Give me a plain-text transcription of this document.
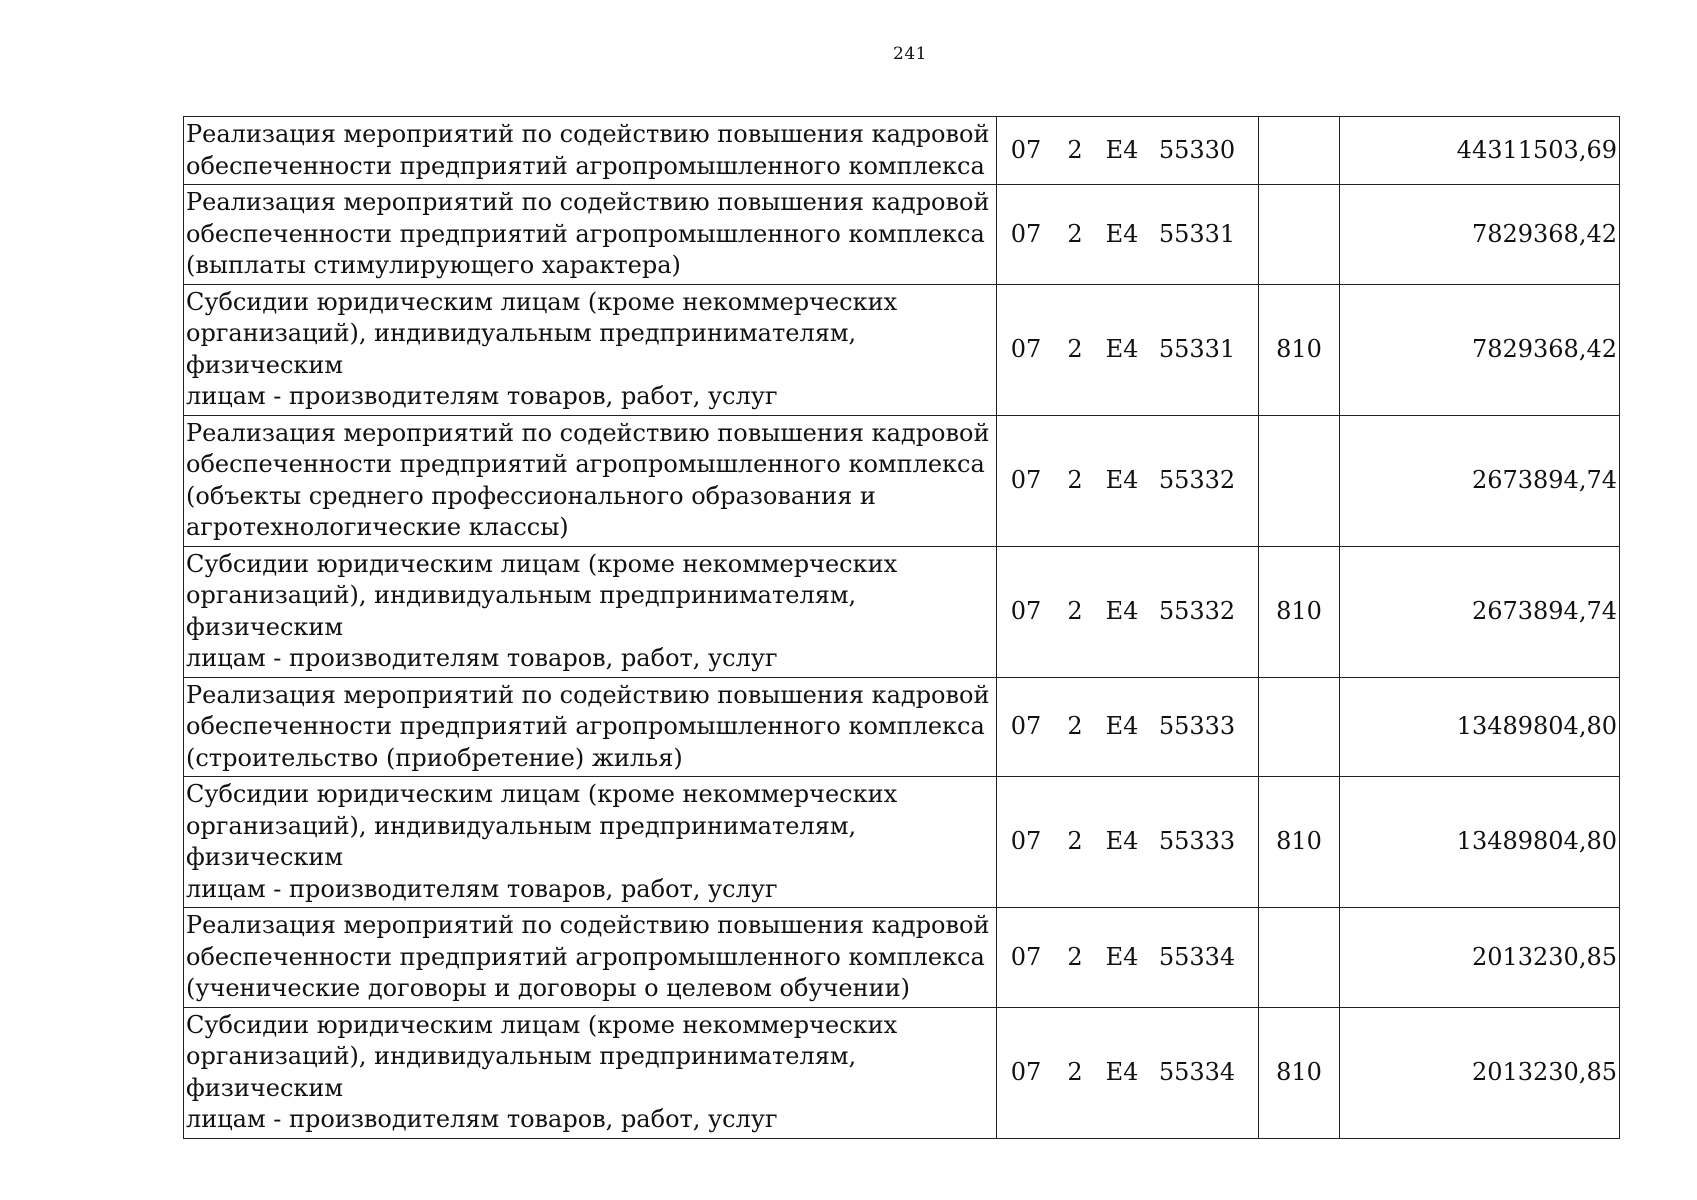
241
Реализация мероприятий по содействию повышения кадровой
обеспеченности предприятий агропромышленного комплекса	07 2 E4 55330		44311503,69
Реализация мероприятий по содействию повышения кадровой
обеспеченности предприятий агропромышленного комплекса
(выплаты стимулирующего характера)	07 2 E4 55331		7829368,42
Субсидии юридическим лицам (кроме некоммерческих
организаций), индивидуальным предпринимателям, физическим
лицам - производителям товаров, работ, услуг	07 2 E4 55331	810	7829368,42
Реализация мероприятий по содействию повышения кадровой
обеспеченности предприятий агропромышленного комплекса
(объекты среднего профессионального образования и
агротехнологические классы)	07 2 E4 55332		2673894,74
Субсидии юридическим лицам (кроме некоммерческих
организаций), индивидуальным предпринимателям, физическим
лицам - производителям товаров, работ, услуг	07 2 E4 55332	810	2673894,74
Реализация мероприятий по содействию повышения кадровой
обеспеченности предприятий агропромышленного комплекса
(строительство (приобретение) жилья)	07 2 E4 55333		13489804,80
Субсидии юридическим лицам (кроме некоммерческих
организаций), индивидуальным предпринимателям, физическим
лицам - производителям товаров, работ, услуг	07 2 E4 55333	810	13489804,80
Реализация мероприятий по содействию повышения кадровой
обеспеченности предприятий агропромышленного комплекса
(ученические договоры и договоры о целевом обучении)	07 2 E4 55334		2013230,85
Субсидии юридическим лицам (кроме некоммерческих
организаций), индивидуальным предпринимателям, физическим
лицам - производителям товаров, работ, услуг	07 2 E4 55334	810	2013230,85
